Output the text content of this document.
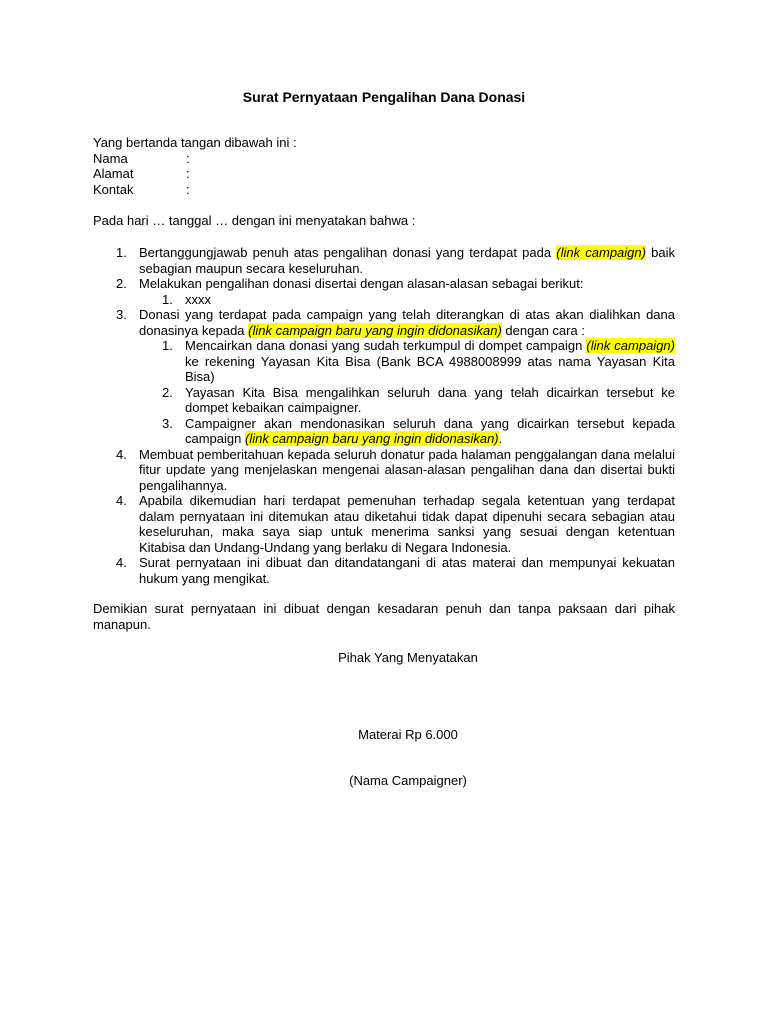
Surat Pernyataan Pengalihan Dana Donasi
Yang bertanda tangan dibawah ini :
Nama	:
Alamat	:
Kontak	:
Pada hari … tanggal … dengan ini menyatakan bahwa :
1. Bertanggungjawab penuh atas pengalihan donasi yang terdapat pada (link campaign) baik sebagian maupun secara keseluruhan.
2. Melakukan pengalihan donasi disertai dengan alasan-alasan sebagai berikut:
1. xxxx
3. Donasi yang terdapat pada campaign yang telah diterangkan di atas akan dialihkan dana donasinya kepada (link campaign baru yang ingin didonasikan) dengan cara :
1. Mencairkan dana donasi yang sudah terkumpul di dompet campaign (link campaign) ke rekening Yayasan Kita Bisa (Bank BCA 4988008999 atas nama Yayasan Kita Bisa)
2. Yayasan Kita Bisa mengalihkan seluruh dana yang telah dicairkan tersebut ke dompet kebaikan caimpaigner.
3. Campaigner akan mendonasikan seluruh dana yang dicairkan tersebut kepada campaign (link campaign baru yang ingin didonasikan).
4. Membuat pemberitahuan kepada seluruh donatur pada halaman penggalangan dana melalui fitur update yang menjelaskan mengenai alasan-alasan pengalihan dana dan disertai bukti pengalihannya.
4. Apabila dikemudian hari terdapat pemenuhan terhadap segala ketentuan yang terdapat dalam pernyataan ini ditemukan atau diketahui tidak dapat dipenuhi secara sebagian atau keseluruhan, maka saya siap untuk menerima sanksi yang sesuai dengan ketentuan Kitabisa dan Undang-Undang yang berlaku di Negara Indonesia.
4. Surat pernyataan ini dibuat dan ditandatangani di atas materai dan mempunyai kekuatan hukum yang mengikat.
Demikian surat pernyataan ini dibuat dengan kesadaran penuh dan tanpa paksaan dari pihak manapun.
Pihak Yang Menyatakan
Materai Rp 6.000
(Nama Campaigner)
